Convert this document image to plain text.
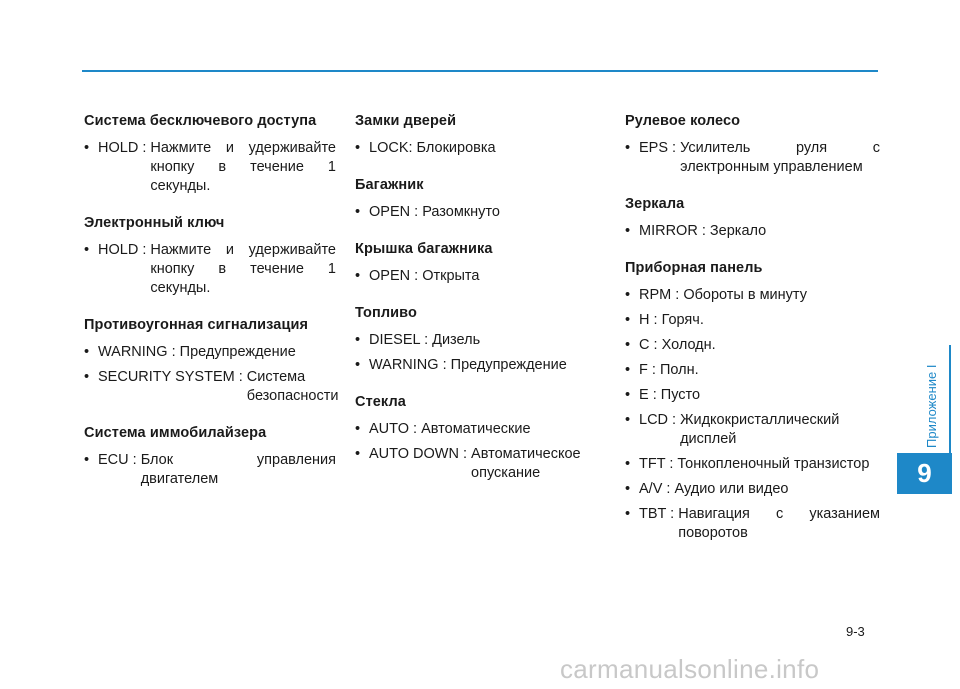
Система бесключевого доступа
• HOLD : Нажмите и удерживайте кнопку в течение 1 секунды.
Электронный ключ
• HOLD : Нажмите и удерживайте кнопку в течение 1 секунды.
Противоугонная сигнализация
• WARNING : Предупреждение
• SECURITY SYSTEM : Система безопасности
Система иммобилайзера
• ECU : Блок управления двигателем
Замки дверей
• LOCK: Блокировка
Багажник
• OPEN : Разомкнуто
Крышка багажника
• OPEN : Открыта
Топливо
• DIESEL : Дизель
• WARNING : Предупреждение
Стекла
• AUTO : Автоматические
• AUTO DOWN : Автоматическое опускание
Рулевое колесо
• EPS : Усилитель руля с электронным управлением
Зеркала
• MIRROR : Зеркало
Приборная панель
• RPM : Обороты в минуту
• H : Горяч.
• C : Холодн.
• F : Полн.
• E : Пусто
• LCD : Жидкокристаллический дисплей
• TFT : Тонкопленочный транзистор
• A/V : Аудио или видео
• TBT : Навигация с указанием поворотов
Приложение I
9
9-3
carmanualsonline.info
